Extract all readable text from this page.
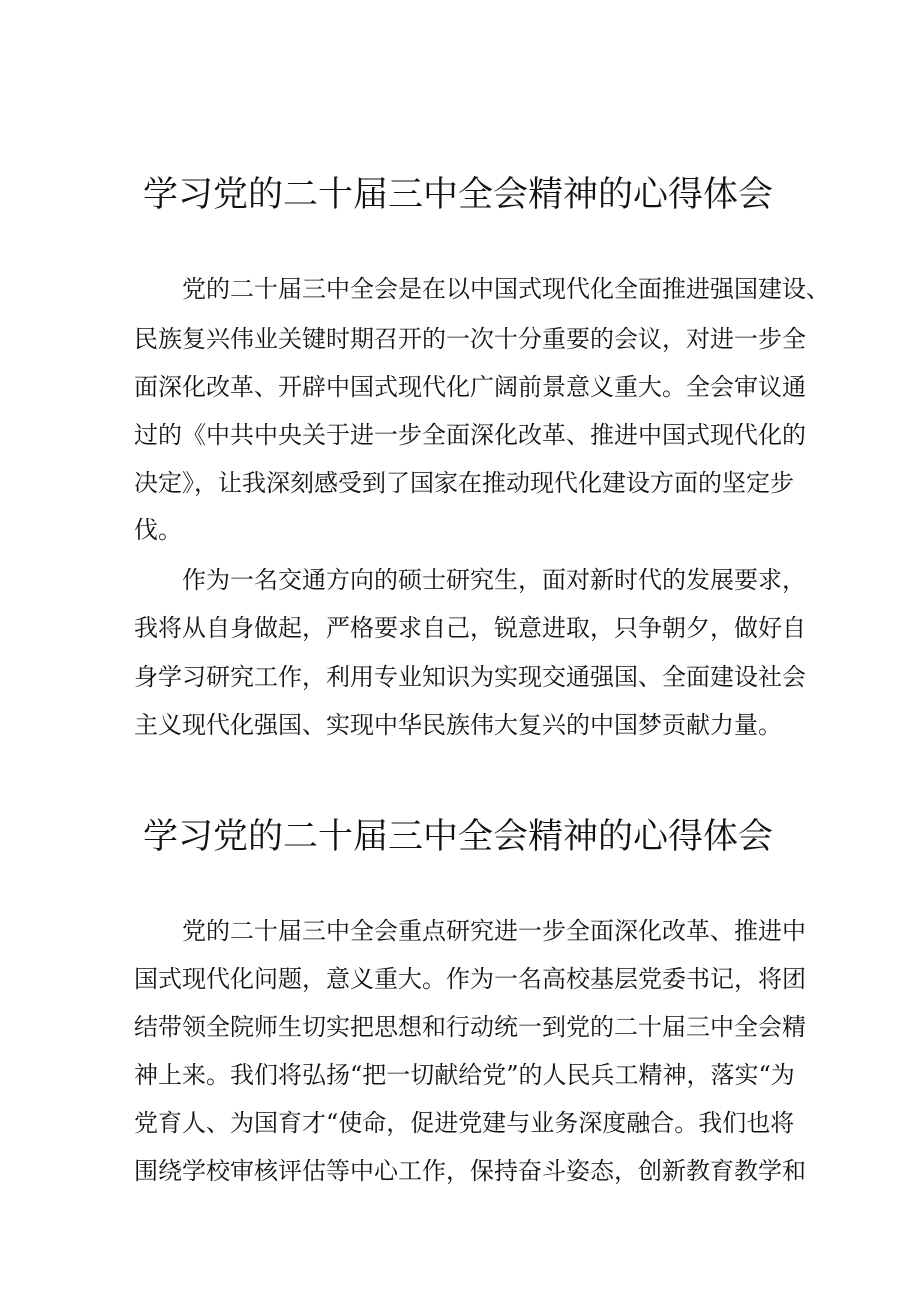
学习党的二十届三中全会精神的心得体会
党的二十届三中全会是在以中国式现代化全面推进强国建设、
民族复兴伟业关键时期召开的一次十分重要的会议，对进一步全
面深化改革、开辟中国式现代化广阔前景意义重大。全会审议通
过的《中共中央关于进一步全面深化改革、推进中国式现代化的
决定》，让我深刻感受到了国家在推动现代化建设方面的坚定步
伐。
作为一名交通方向的硕士研究生，面对新时代的发展要求，
我将从自身做起，严格要求自己，锐意进取，只争朝夕，做好自
身学习研究工作，利用专业知识为实现交通强国、全面建设社会
主义现代化强国、实现中华民族伟大复兴的中国梦贡献力量。
学习党的二十届三中全会精神的心得体会
党的二十届三中全会重点研究进一步全面深化改革、推进中
国式现代化问题，意义重大。作为一名高校基层党委书记，将团
结带领全院师生切实把思想和行动统一到党的二十届三中全会精
神上来。我们将弘扬“把一切献给党”的人民兵工精神，落实“为
党育人、为国育才“使命，促进党建与业务深度融合。我们也将
围绕学校审核评估等中心工作，保持奋斗姿态，创新教育教学和
